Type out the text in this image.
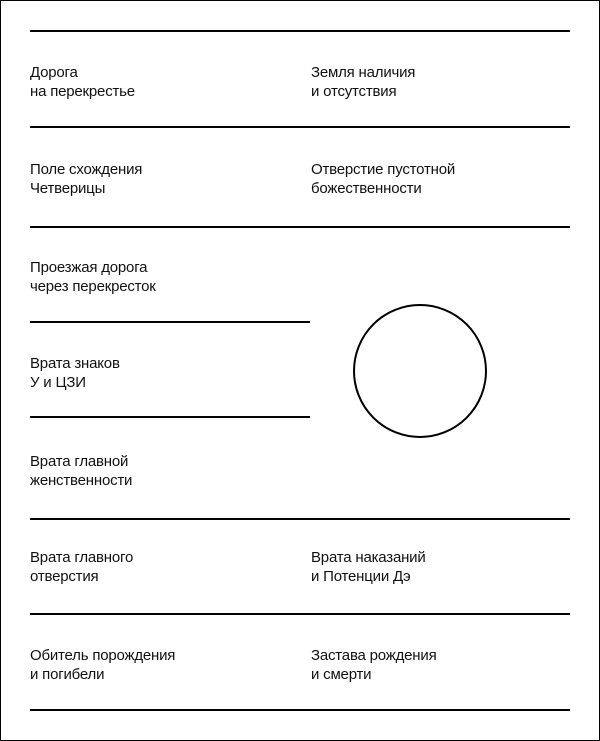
Дорога
на перекрестье
Земля наличия
и отсутствия
Поле схождения
Четверицы
Отверстие пустотной
божественности
Проезжая дорога
через перекресток
Врата знаков
У и ЦЗИ
Врата главной
женственности
Врата главного
отверстия
Врата наказаний
и Потенции Дэ
Обитель порождения
и погибели
Застава рождения
и смерти
